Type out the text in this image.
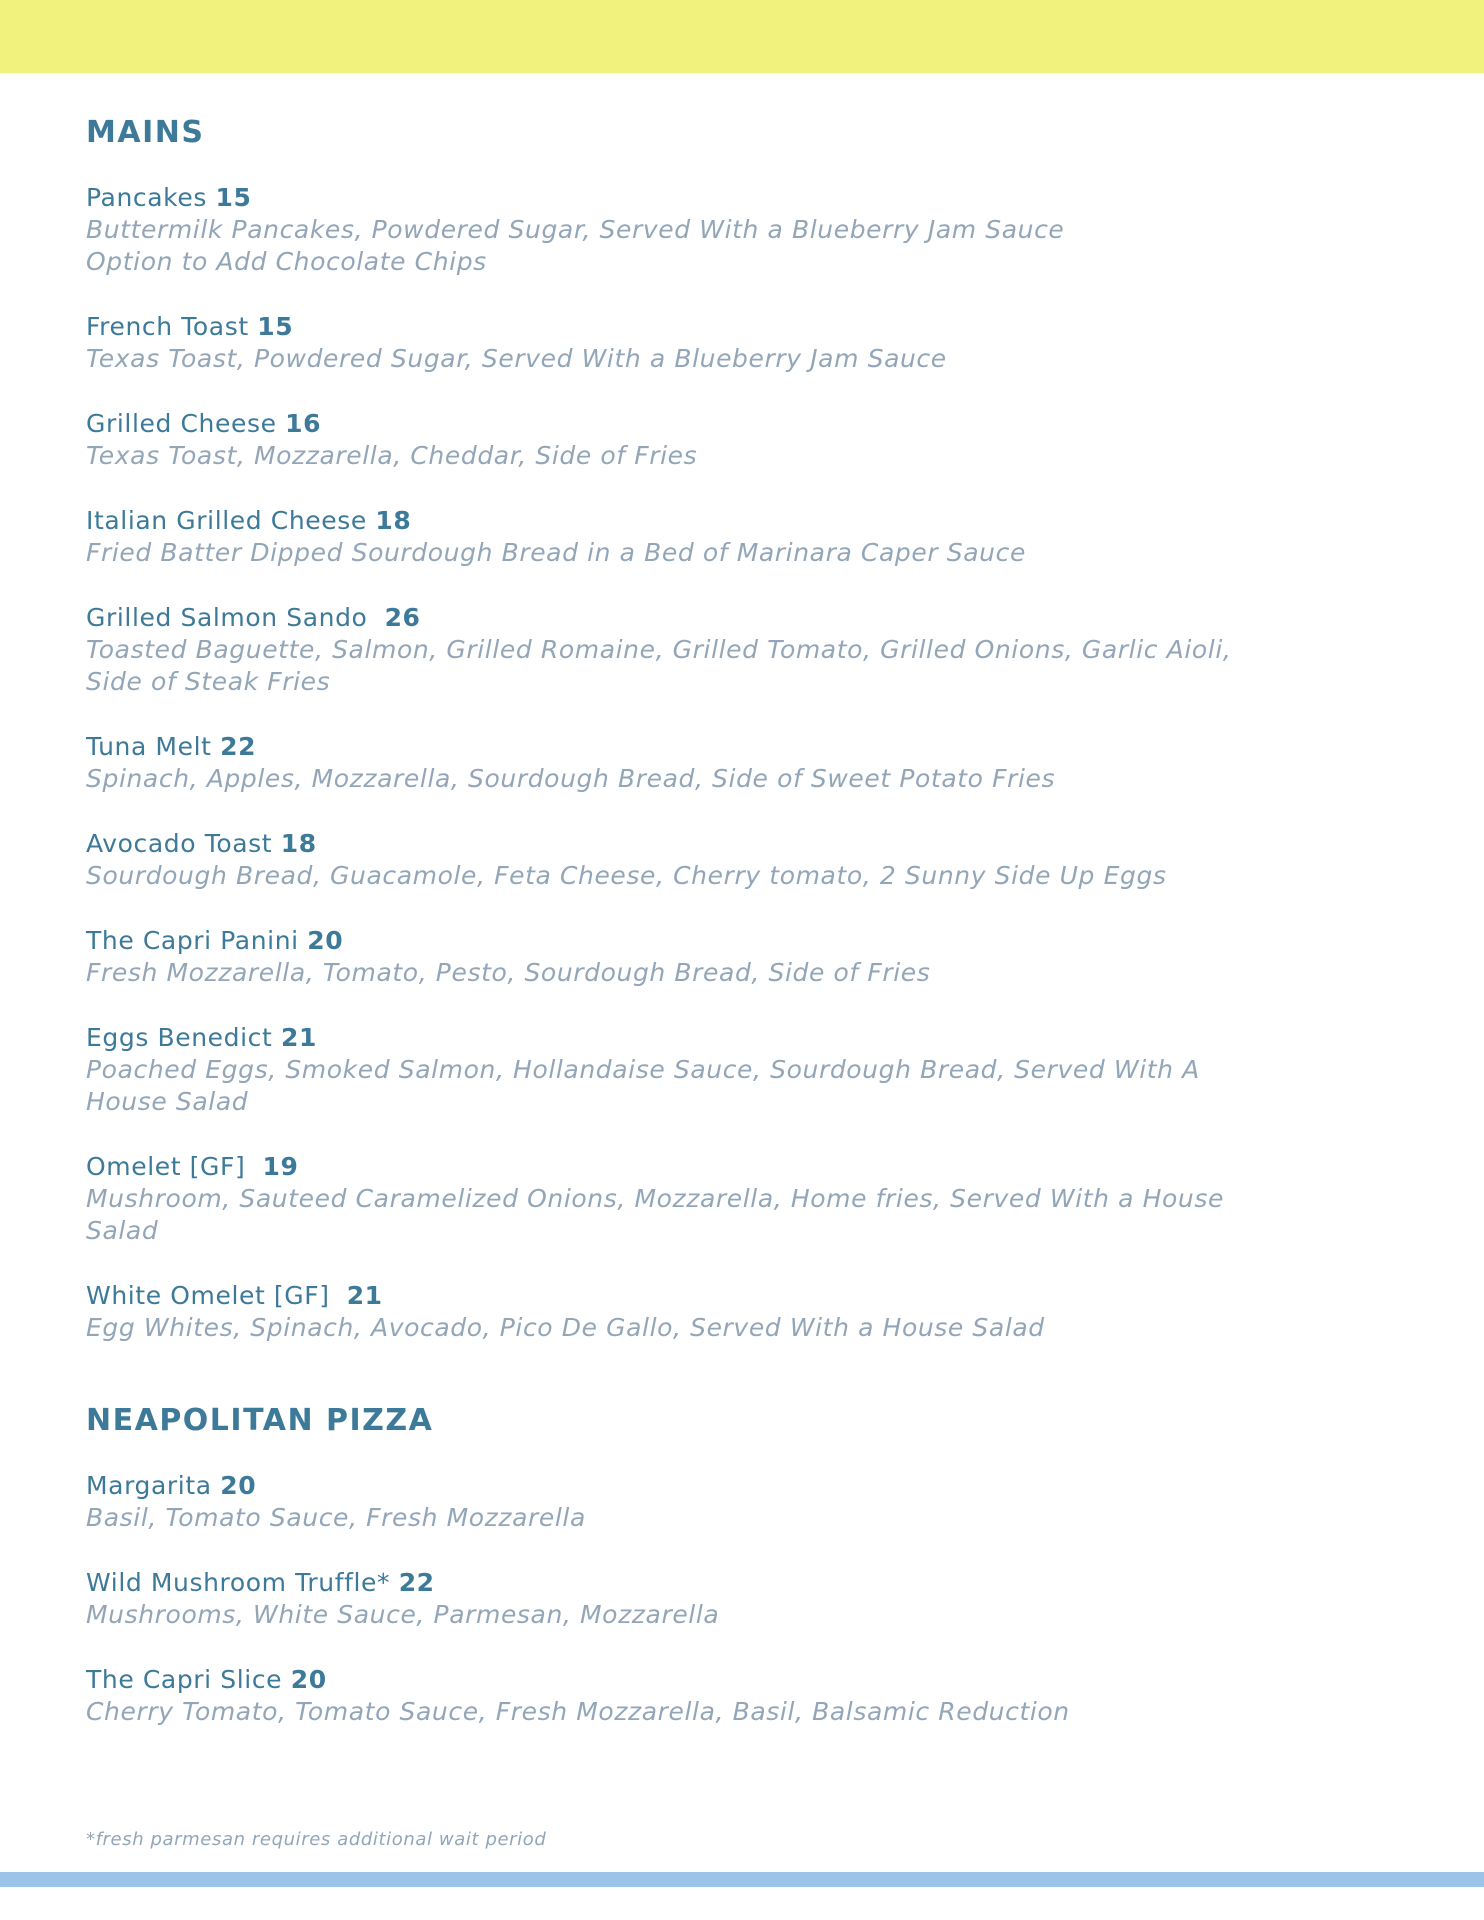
MAINS
Pancakes 15
Buttermilk Pancakes, Powdered Sugar, Served With a Blueberry Jam Sauce
Option to Add Chocolate Chips
French Toast 15
Texas Toast, Powdered Sugar, Served With a Blueberry Jam Sauce
Grilled Cheese 16
Texas Toast, Mozzarella, Cheddar, Side of Fries
Italian Grilled Cheese 18
Fried Batter Dipped Sourdough Bread in a Bed of Marinara Caper Sauce
Grilled Salmon Sando  26
Toasted Baguette, Salmon, Grilled Romaine, Grilled Tomato, Grilled Onions, Garlic Aioli,
Side of Steak Fries
Tuna Melt 22
Spinach, Apples, Mozzarella, Sourdough Bread, Side of Sweet Potato Fries
Avocado Toast 18
Sourdough Bread, Guacamole, Feta Cheese, Cherry tomato, 2 Sunny Side Up Eggs
The Capri Panini 20
Fresh Mozzarella, Tomato, Pesto, Sourdough Bread, Side of Fries
Eggs Benedict 21
Poached Eggs, Smoked Salmon, Hollandaise Sauce, Sourdough Bread, Served With A
House Salad
Omelet [GF]  19
Mushroom, Sauteed Caramelized Onions, Mozzarella, Home fries, Served With a House
Salad
White Omelet [GF]  21
Egg Whites, Spinach, Avocado, Pico De Gallo, Served With a House Salad
NEAPOLITAN PIZZA
Margarita 20
Basil, Tomato Sauce, Fresh Mozzarella
Wild Mushroom Truffle* 22
Mushrooms, White Sauce, Parmesan, Mozzarella
The Capri Slice 20
Cherry Tomato, Tomato Sauce, Fresh Mozzarella, Basil, Balsamic Reduction
*fresh parmesan requires additional wait period
